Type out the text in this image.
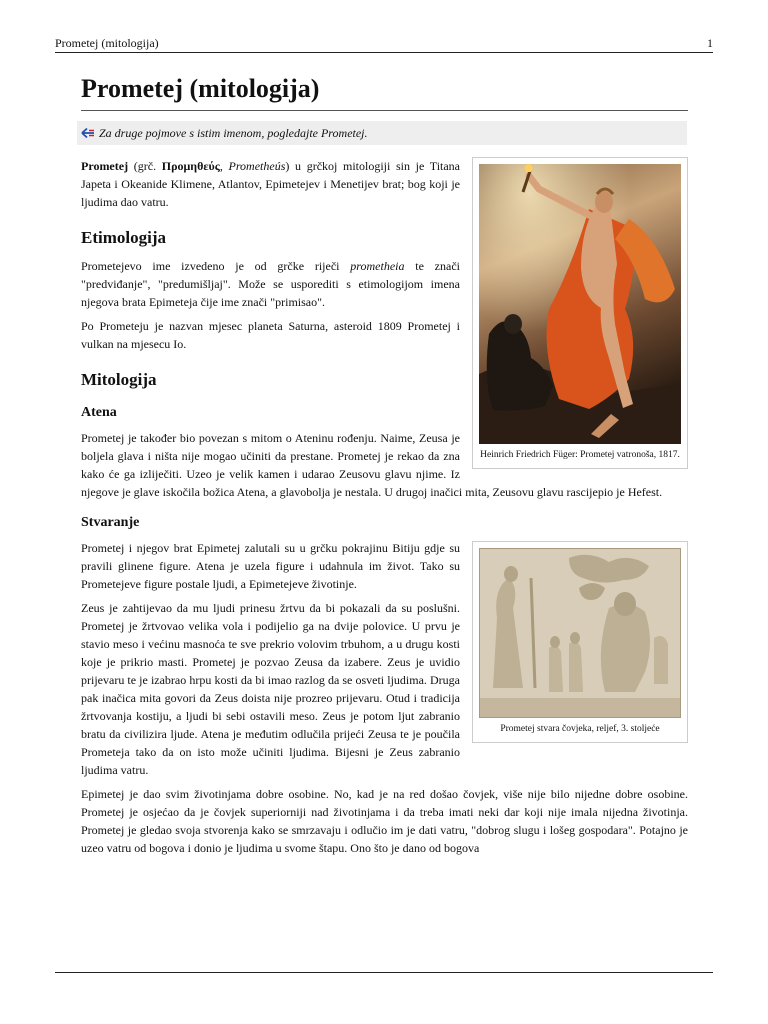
Prometej (mitologija)	1
Prometej (mitologija)
Za druge pojmove s istim imenom, pogledajte Prometej.
Heinrich Friedrich Füger: Prometej vatronoša, 1817.

Prometej (grč. Προμηθεύς, Prometheús) u grčkoj mitologiji sin je Titana Japeta i Okeanide Klimene, Atlantov, Epimetejev i Menetijev brat; bog koji je ljudima dao vatru.

Etimologija

Prometejevo ime izvedeno je od grčke riječi prometheia te znači "predviđanje", "predumišljaj". Može se usporediti s etimologijom imena njegova brata Epimeteja čije ime znači "primisao".

Po Prometeju je nazvan mjesec planeta Saturna, asteroid 1809 Prometej i vulkan na mjesecu Io.

Mitologija
Atena

Prometej je također bio povezan s mitom o Ateninu rođenju. Naime, Zeusa je boljela glava i ništa nije mogao učiniti da prestane. Prometej je rekao da zna kako će ga izliječiti. Uzeo je velik kamen i udarao Zeusovu glavu njime. Iz njegove je glave iskočila božica Atena, a glavobolja je nestala. U drugoj inačici mita, Zeusovu glavu rascijepio je Hefest.

Stvaranje
Prometej stvara čovjeka, reljef, 3. stoljeće

Prometej i njegov brat Epimetej zalutali su u grčku pokrajinu Bitiju gdje su pravili glinene figure. Atena je uzela figure i udahnula im život. Tako su Prometejeve figure postale ljudi, a Epimetejeve životinje.

Zeus je zahtijevao da mu ljudi prinesu žrtvu da bi pokazali da su poslušni. Prometej je žrtvovao velika vola i podijelio ga na dvije polovice. U prvu je stavio meso i većinu masnoća te sve prekrio volovim trbuhom, a u drugu kosti koje je prikrio masti. Prometej je pozvao Zeusa da izabere. Zeus je uvidio prijevaru te je izabrao hrpu kosti da bi imao razlog da se osveti ljudima. Druga pak inačica mita govori da Zeus doista nije prozreo prijevaru. Otud i tradicija žrtvovanja kostiju, a ljudi bi sebi ostavili meso. Zeus je potom ljut zabranio bratu da civilizira ljude. Atena je međutim odlučila prijeći Zeusa te je poučila Prometeja tako da on isto može učiniti ljudima. Bijesni je Zeus zabranio ljudima vatru.

Epimetej je dao svim životinjama dobre osobine. No, kad je na red došao čovjek, više nije bilo nijedne dobre osobine. Prometej je osjećao da je čovjek superiorniji nad životinjama i da treba imati neki dar koji nije imala nijedna životinja. Prometej je gledao svoja stvorenja kako se smrzavaju i odlučio im je dati vatru, "dobrog slugu i lošeg gospodara". Potajno je uzeo vatru od bogova i donio je ljudima u svome štapu. Ono što je dano od bogova
